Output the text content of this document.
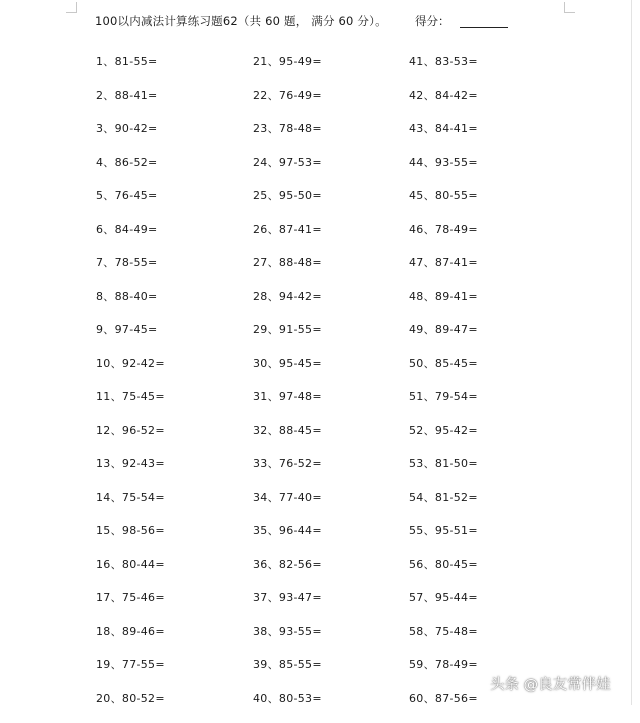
100以内减法计算练习题62（共 60 题， 满分 60 分）。 得分：
1、81-55=
2、88-41=
3、90-42=
4、86-52=
5、76-45=
6、84-49=
7、78-55=
8、88-40=
9、97-45=
10、92-42=
11、75-45=
12、96-52=
13、92-43=
14、75-54=
15、98-56=
16、80-44=
17、75-46=
18、89-46=
19、77-55=
20、80-52=
21、95-49=
22、76-49=
23、78-48=
24、97-53=
25、95-50=
26、87-41=
27、88-48=
28、94-42=
29、91-55=
30、95-45=
31、97-48=
32、88-45=
33、76-52=
34、77-40=
35、96-44=
36、82-56=
37、93-47=
38、93-55=
39、85-55=
40、80-53=
41、83-53=
42、84-42=
43、84-41=
44、93-55=
45、80-55=
46、78-49=
47、87-41=
48、89-41=
49、89-47=
50、85-45=
51、79-54=
52、95-42=
53、81-50=
54、81-52=
55、95-51=
56、80-45=
57、95-44=
58、75-48=
59、78-49=
60、87-56=
头条 @良友常伴娃
